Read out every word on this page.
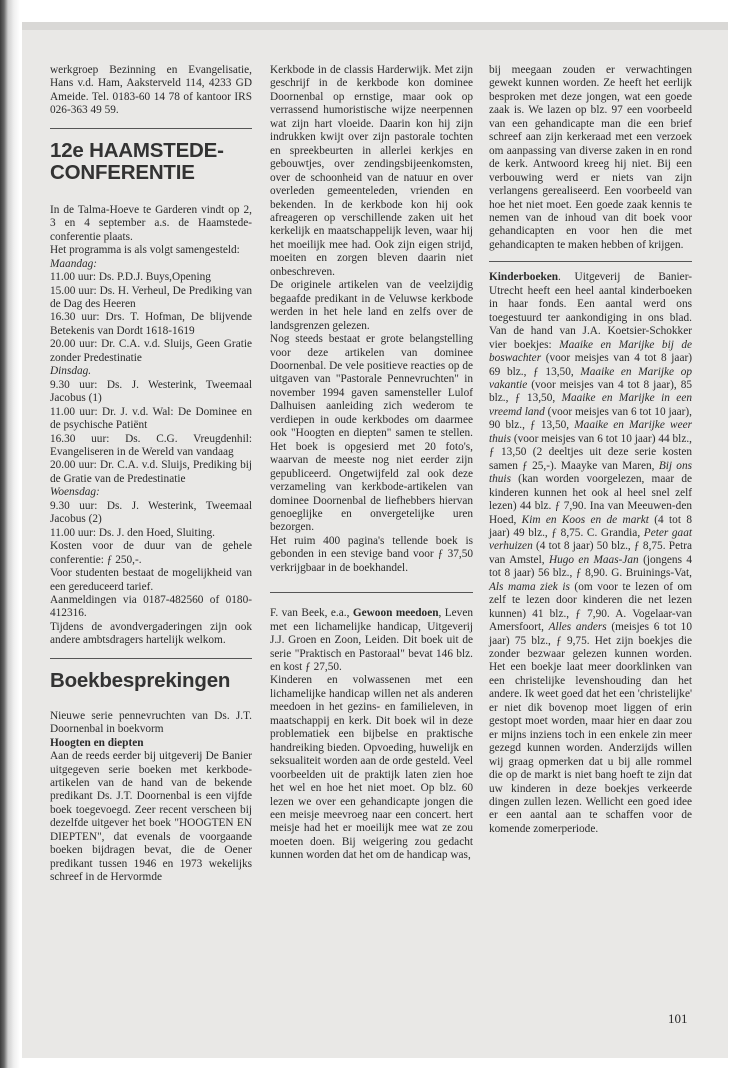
werkgroep Bezinning en Evangelisatie, Hans v.d. Ham, Aaksterveld 114, 4233 GD Ameide. Tel. 0183-60 14 78 of kantoor IRS 026-363 49 59.

12e HAAMSTEDE-CONFERENTIE

In de Talma-Hoeve te Garderen vindt op 2, 3 en 4 september a.s. de Haamstede-conferentie plaats.

Het programma is als volgt samengesteld:

Maandag:

11.00 uur: Ds. P.D.J. Buys,Opening

15.00 uur: Ds. H. Verheul, De Prediking van de Dag des Heeren

16.30 uur: Drs. T. Hofman, De blijvende Betekenis van Dordt 1618-1619

20.00 uur: Dr. C.A. v.d. Sluijs, Geen Gratie zonder Predestinatie

Dinsdag.

9.30 uur: Ds. J. Westerink, Tweemaal Jacobus (1)

11.00 uur: Dr. J. v.d. Wal: De Dominee en de psychische Patiënt

16.30 uur: Ds. C.G. Vreugdenhil: Evangeliseren in de Wereld van vandaag

20.00 uur: Dr. C.A. v.d. Sluijs, Prediking bij de Gratie van de Predestinatie

Woensdag:

9.30 uur: Ds. J. Westerink, Tweemaal Jacobus (2)

11.00 uur: Ds. J. den Hoed, Sluiting.

Kosten voor de duur van de gehele conferentie: ƒ 250,-.

Voor studenten bestaat de mogelijkheid van een gereduceerd tarief.

Aanmeldingen via 0187-482560 of 0180-412316.

Tijdens de avondvergaderingen zijn ook andere ambtsdragers hartelijk welkom.

Boekbesprekingen

Nieuwe serie pennevruchten van Ds. J.T. Doornenbal in boekvorm

Hoogten en diepten

Aan de reeds eerder bij uitgeverij De Banier uitgegeven serie boeken met kerkbode-artikelen van de hand van de bekende predikant Ds. J.T. Doornenbal is een vijfde boek toegevoegd. Zeer recent verscheen bij dezelfde uitgever het boek "HOOGTEN EN DIEPTEN", dat evenals de voorgaande boeken bijdragen bevat, die de Oener predikant tussen 1946 en 1973 wekelijks schreef in de Hervormde

Kerkbode in de classis Harderwijk. Met zijn geschrijf in de kerkbode kon dominee Doornenbal op ernstige, maar ook op verrassend humoristische wijze neerpennen wat zijn hart vloeide. Daarin kon hij zijn indrukken kwijt over zijn pastorale tochten en spreekbeurten in allerlei kerkjes en gebouwtjes, over zendingsbijeenkomsten, over de schoonheid van de natuur en over overleden gemeenteleden, vrienden en bekenden. In de kerkbode kon hij ook afreageren op verschillende zaken uit het kerkelijk en maatschappelijk leven, waar hij het moeilijk mee had. Ook zijn eigen strijd, moeiten en zorgen bleven daarin niet onbeschreven.

De originele artikelen van de veelzijdig begaafde predikant in de Veluwse kerkbode werden in het hele land en zelfs over de landsgrenzen gelezen.

Nog steeds bestaat er grote belangstelling voor deze artikelen van dominee Doornenbal. De vele positieve reacties op de uitgaven van "Pastorale Pennevruchten" in november 1994 gaven samensteller Lulof Dalhuisen aanleiding zich wederom te verdiepen in oude kerkbodes om daarmee ook "Hoogten en diepten" samen te stellen. Het boek is opgesierd met 20 foto's, waarvan de meeste nog niet eerder zijn gepubliceerd. Ongetwijfeld zal ook deze verzameling van kerkbode-artikelen van dominee Doornenbal de liefhebbers hiervan genoeglijke en onvergetelijke uren bezorgen.

Het ruim 400 pagina's tellende boek is gebonden in een stevige band voor ƒ 37,50 verkrijgbaar in de boekhandel.

F. van Beek, e.a., Gewoon meedoen, Leven met een lichamelijke handicap, Uitgeverij J.J. Groen en Zoon, Leiden. Dit boek uit de serie "Praktisch en Pastoraal" bevat 146 blz. en kost ƒ 27,50.

Kinderen en volwassenen met een lichamelijke handicap willen net als anderen meedoen in het gezins- en familieleven, in maatschappij en kerk. Dit boek wil in deze problematiek een bijbelse en praktische handreiking bieden. Opvoeding, huwelijk en seksualiteit worden aan de orde gesteld. Veel voorbeelden uit de praktijk laten zien hoe het wel en hoe het niet moet. Op blz. 60 lezen we over een gehandicapte jongen die een meisje meevroeg naar een concert. hert meisje had het er moeilijk mee wat ze zou moeten doen. Bij weigering zou gedacht kunnen worden dat het om de handicap was,

bij meegaan zouden er verwachtingen gewekt kunnen worden. Ze heeft het eerlijk besproken met deze jongen, wat een goede zaak is. We lazen op blz. 97 een voorbeeld van een gehandicapte man die een brief schreef aan zijn kerkeraad met een verzoek om aanpassing van diverse zaken in en rond de kerk. Antwoord kreeg hij niet. Bij een verbouwing werd er niets van zijn verlangens gerealiseerd. Een voorbeeld van hoe het niet moet. Een goede zaak kennis te nemen van de inhoud van dit boek voor gehandicapten en voor hen die met gehandicapten te maken hebben of krijgen.

Kinderboeken. Uitgeverij de Banier-Utrecht heeft een heel aantal kinderboeken in haar fonds. Een aantal werd ons toegestuurd ter aankondiging in ons blad. Van de hand van J.A. Koetsier-Schokker vier boekjes: Maaike en Marijke bij de boswachter (voor meisjes van 4 tot 8 jaar) 69 blz., ƒ 13,50, Maaike en Marijke op vakantie (voor meisjes van 4 tot 8 jaar), 85 blz., ƒ 13,50, Maaike en Marijke in een vreemd land (voor meisjes van 6 tot 10 jaar), 90 blz., ƒ 13,50, Maaike en Marijke weer thuis (voor meisjes van 6 tot 10 jaar) 44 blz., ƒ 13,50 (2 deeltjes uit deze serie kosten samen ƒ 25,-). Maayke van Maren, Bij ons thuis (kan worden voorgelezen, maar de kinderen kunnen het ook al heel snel zelf lezen) 44 blz. ƒ 7,90. Ina van Meeuwen-den Hoed, Kim en Koos en de markt (4 tot 8 jaar) 49 blz., ƒ 8,75. C. Grandia, Peter gaat verhuizen (4 tot 8 jaar) 50 blz., ƒ 8,75. Petra van Amstel, Hugo en Maas-Jan (jongens 4 tot 8 jaar) 56 blz., ƒ 8,90. G. Bruinings-Vat, Als mama ziek is (om voor te lezen of om zelf te lezen door kinderen die net lezen kunnen) 41 blz., ƒ 7,90. A. Vogelaar-van Amersfoort, Alles anders (meisjes 6 tot 10 jaar) 75 blz., ƒ 9,75. Het zijn boekjes die zonder bezwaar gelezen kunnen worden. Het een boekje laat meer doorklinken van een christelijke levenshouding dan het andere. Ik weet goed dat het een 'christelijke' er niet dik bovenop moet liggen of erin gestopt moet worden, maar hier en daar zou er mijns inziens toch in een enkele zin meer gezegd kunnen worden. Anderzijds willen wij graag opmerken dat u bij alle rommel die op de markt is niet bang hoeft te zijn dat uw kinderen in deze boekjes verkeerde dingen zullen lezen. Wellicht een goed idee er een aantal aan te schaffen voor de komende zomerperiode.

101
